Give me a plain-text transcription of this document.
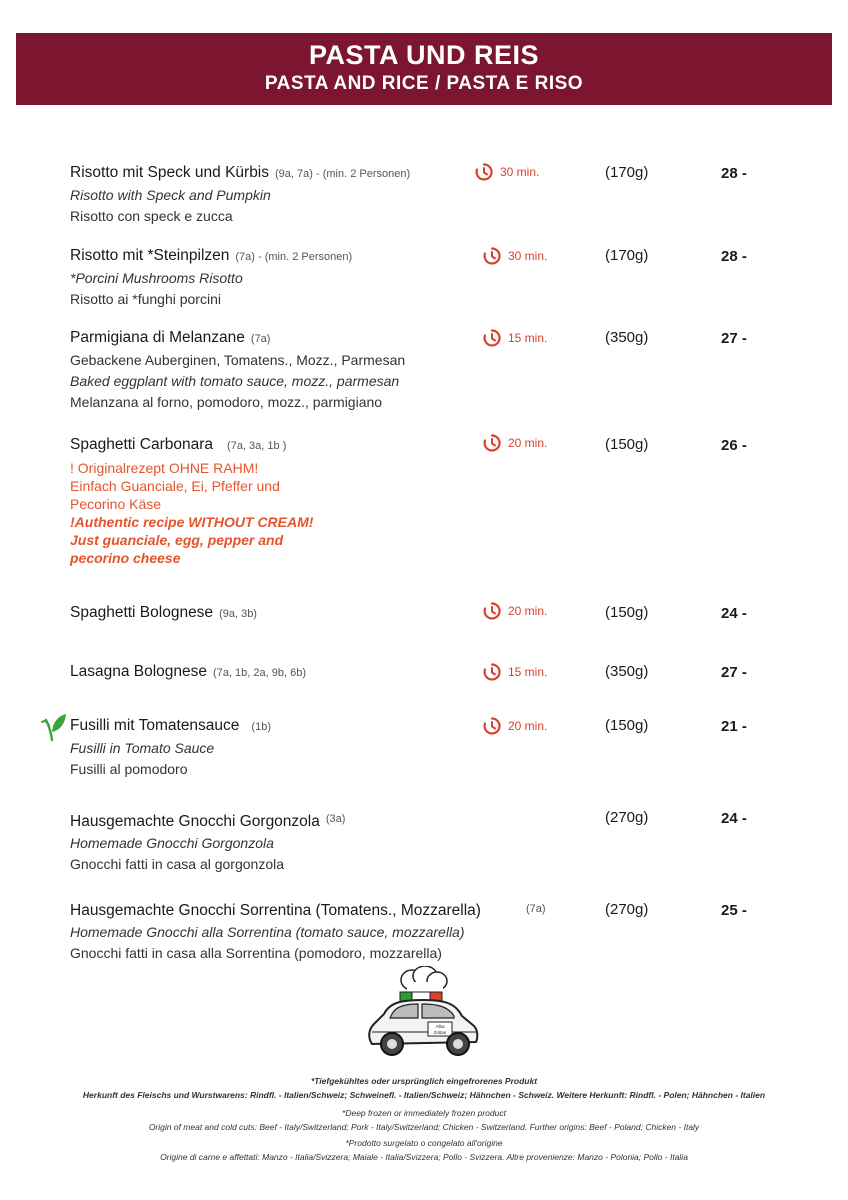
PASTA UND REIS
PASTA AND RICE / PASTA E RISO
Risotto mit Speck und Kürbis (9a, 7a) - (min. 2 Personen)
Risotto with Speck and Pumpkin
Risotto con speck e zucca
30 min.	(170g)	28 -
Risotto mit *Steinpilzen (7a) - (min. 2 Personen)
*Porcini Mushrooms Risotto
Risotto ai *funghi porcini
30 min.	(170g)	28 -
Parmigiana di Melanzane (7a)
Gebackene Auberginen, Tomatens., Mozz., Parmesan
Baked eggplant with tomato sauce, mozz., parmesan
Melanzana al forno, pomodoro, mozz., parmigiano
15 min.	(350g)	27 -
Spaghetti Carbonara (7a, 3a, 1b )
! Originalrezept OHNE RAHM!
Einfach Guanciale, Ei, Pfeffer und
Pecorino Käse
!Authentic recipe WITHOUT CREAM!
Just guanciale, egg, pepper and
pecorino cheese
20 min.	(150g)	26 -
Spaghetti Bolognese (9a, 3b)	20 min.	(150g)	24 -
Lasagna Bolognese (7a, 1b, 2a, 9b, 6b)	15 min.	(350g)	27 -
Fusilli mit Tomatensauce (1b)
Fusilli in Tomato Sauce
Fusilli al pomodoro
20 min.	(150g)	21 -
Hausgemachte Gnocchi Gorgonzola $^{(3a)}$
Homemade Gnocchi Gorgonzola
Gnocchi fatti in casa al gorgonzola
(270g)	24 -
Hausgemachte Gnocchi Sorrentina (Tomatens., Mozzarella)
Homemade Gnocchi alla Sorrentina (tomato sauce, mozzarella)
Gnocchi fatti in casa alla Sorrentina (pomodoro, mozzarella)
(7a)	(270g)	25 -
Alba
Zoltan
*Tiefgekühltes oder ursprünglich eingefrorenes Produkt
Herkunft des Fleischs und Wurstwarens: Rindfl. - Italien/Schweiz; Schweinefl. - Italien/Schweiz; Hähnchen - Schweiz. Weitere Herkunft: Rindfl. - Polen; Hähnchen - Italien
*Deep frozen or immediately frozen product
Origin of meat and cold cuts: Beef - Italy/Switzerland; Pork - Italy/Switzerland; Chicken - Switzerland. Further origins: Beef - Poland; Chicken - Italy
*Prodotto surgelato o congelato all'origine
Origine di carne e affettati: Manzo - Italia/Svizzera; Maiale - Italia/Svizzera; Pollo - Svizzera. Altre provenienze: Manzo - Polonia; Pollo - Italia
